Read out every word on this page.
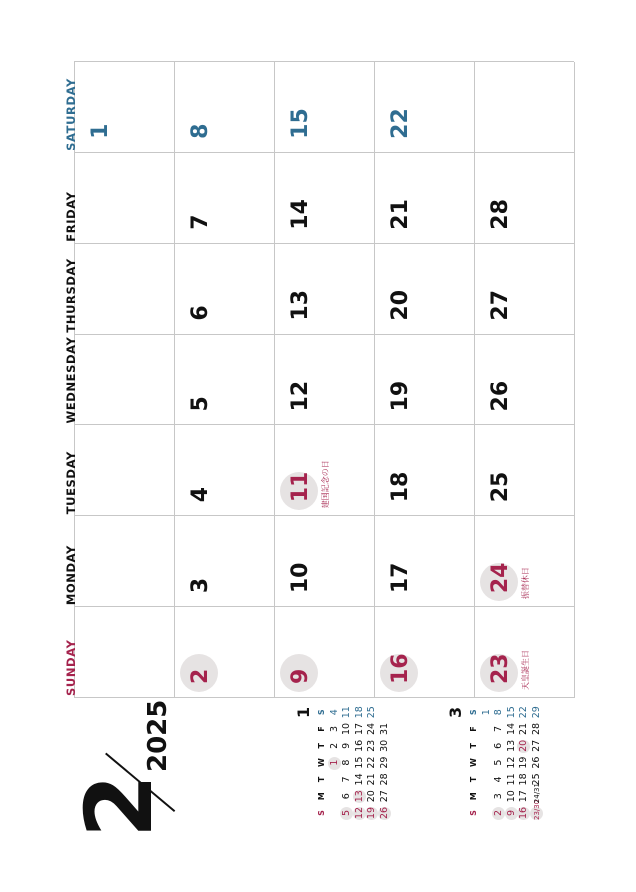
2
2025	1
S
M
T
W
T
F
S
1
2
3
4
5
6
7
8
9
10
11
12
13
14
15
16
17
18
19
20
21
22
23
24
25
26
27
28
29
30
31
3
S
M
T
W
T
F
S 1
2
3
4
5
6
7
8
9
10
11
12
13
14
15
16
17
18
19
20
21
22
23/30
24/31
25
26
27
28
29
SUNDAY
MONDAY
TUESDAY
WEDNESDAY
THURSDAY
FRIDAY
SATURDAY 1
2
3
4
5
6
7
8
9
10
11 建国記念の日
12
13
14
15
16
17
18
19
20
21
22
23 天皇誕生日
24 振替休日
25
26
27
28
